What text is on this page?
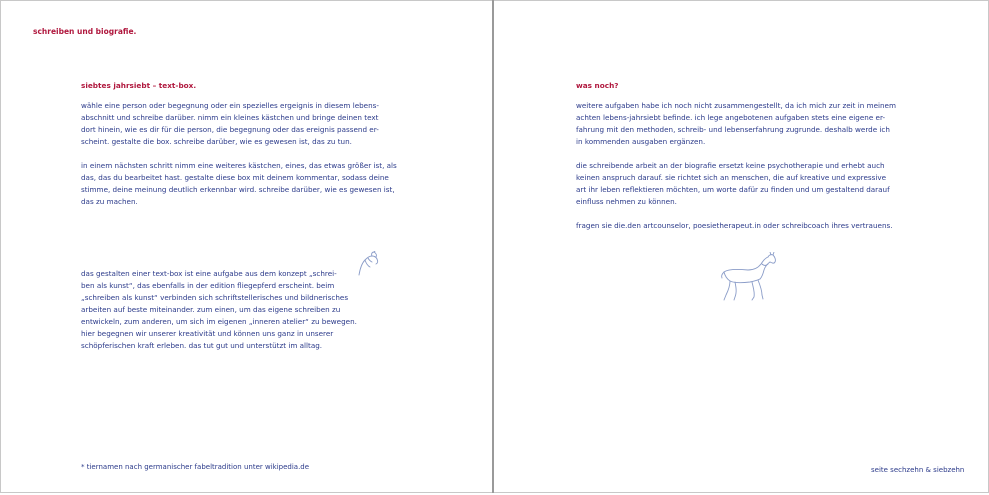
schreiben und biografie.

siebtes jahrsiebt – text-box.

wähle eine person oder begegnung oder ein spezielles ergeignis in diesem lebens-

abschnitt und schreibe darüber. nimm ein kleines kästchen und bringe deinen text

dort hinein, wie es dir für die person, die begegnung oder das ereignis passend er-

scheint. gestalte die box. schreibe darüber, wie es gewesen ist, das zu tun.

in einem nächsten schritt nimm eine weiteres kästchen, eines, das etwas größer ist, als

das, das du bearbeitet hast. gestalte diese box mit deinem kommentar, sodass deine

stimme, deine meinung deutlich erkennbar wird. schreibe darüber, wie es gewesen ist,

das zu machen.

das gestalten einer text-box ist eine aufgabe aus dem konzept „schrei-

ben als kunst“, das ebenfalls in der edition fliegepferd erscheint. beim

„schreiben als kunst“ verbinden sich schriftstellerisches und bildnerisches

arbeiten auf beste miteinander. zum einen, um das eigene schreiben zu

entwickeln, zum anderen, um sich im eigenen „inneren atelier“ zu bewegen.

hier begegnen wir unserer kreativität und können uns ganz in unserer

schöpferischen kraft erleben. das tut gut und unterstützt im alltag.

* tiernamen nach germanischer fabeltradition unter wikipedia.de
was noch?

weitere aufgaben habe ich noch nicht zusammengestellt, da ich mich zur zeit in meinem

achten lebens-jahrsiebt befinde. ich lege angebotenen aufgaben stets eine eigene er-

fahrung mit den methoden, schreib- und lebenserfahrung zugrunde. deshalb werde ich

in kommenden ausgaben ergänzen.

die schreibende arbeit an der biografie ersetzt keine psychotherapie und erhebt auch

keinen anspruch darauf. sie richtet sich an menschen, die auf kreative und expressive

art ihr leben reflektieren möchten, um worte dafür zu finden und um gestaltend darauf

einfluss nehmen zu können.

fragen sie die.den artcounselor, poesietherapeut.in oder schreibcoach ihres vertrauens.

seite sechzehn & siebzehn
